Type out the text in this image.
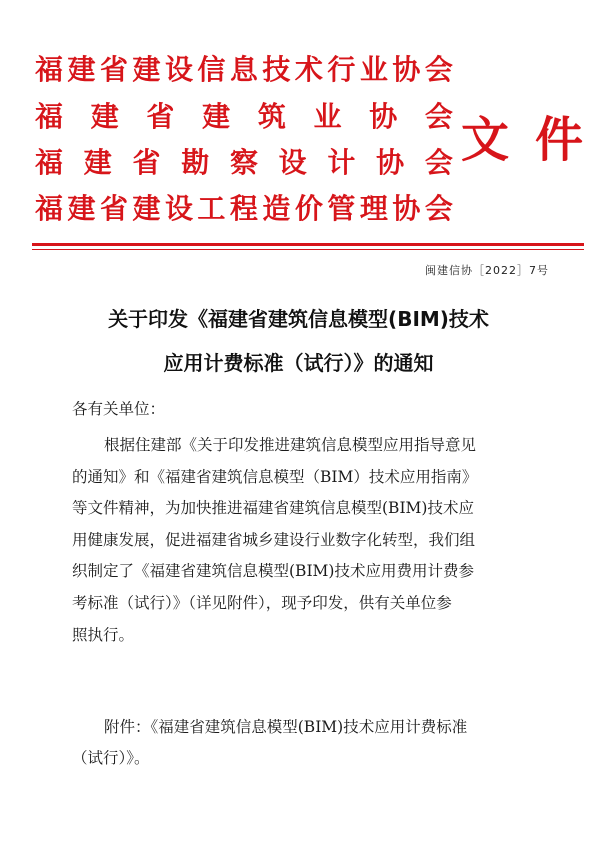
福 建 省 建 设 信 息 技 术 行 业 协 会
福 建 省 建 筑 业 协 会
福 建 省 勘 察 设 计 协 会
福 建 省 建 设 工 程 造 价 管 理 协 会
文 件
闽建信协［2022］7号
关于印发《福建省建筑信息模型(BIM)技术
应用计费标准（试行）》的通知
各有关单位：
根据住建部《关于印发推进建筑信息模型应用指导意见
的通知》和《福建省建筑信息模型（BIM）技术应用指南》
等文件精神，为加快推进福建省建筑信息模型(BIM)技术应
用健康发展，促进福建省城乡建设行业数字化转型，我们组
织制定了《福建省建筑信息模型(BIM)技术应用费用计费参
考标准（试行）》（详见附件），现予印发，供有关单位参
照执行。
附件：《福建省建筑信息模型(BIM)技术应用计费标准
（试行）》。
